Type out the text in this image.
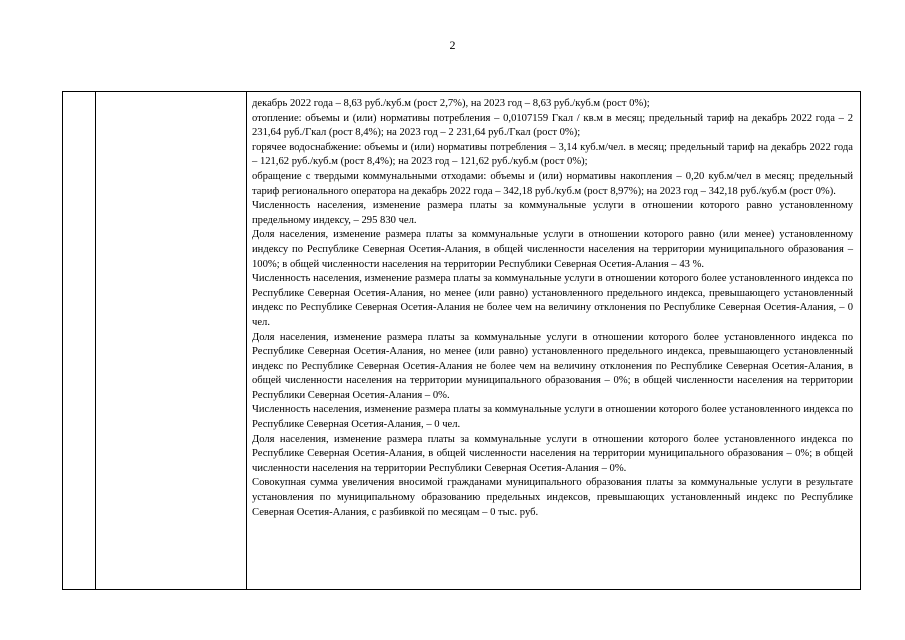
2

декабрь 2022 года – 8,63 руб./куб.м (рост 2,7%), на 2023 год – 8,63 руб./куб.м (рост 0%);

отопление: объемы и (или) нормативы потребления – 0,0107159 Гкал / кв.м в месяц; предельный тариф на декабрь 2022 года – 2 231,64 руб./Гкал (рост 8,4%); на 2023 год – 2 231,64 руб./Гкал (рост 0%);

горячее водоснабжение: объемы и (или) нормативы потребления – 3,14 куб.м/чел. в месяц; предельный тариф на декабрь 2022 года – 121,62 руб./куб.м (рост 8,4%); на 2023 год – 121,62 руб./куб.м (рост 0%);

обращение с твердыми коммунальными отходами: объемы и (или) нормативы накопления – 0,20 куб.м/чел в месяц; предельный тариф регионального оператора на декабрь 2022 года – 342,18 руб./куб.м (рост 8,97%); на 2023 год – 342,18 руб./куб.м (рост 0%).

Численность населения, изменение размера платы за коммунальные услуги в отношении которого равно установленному предельному индексу, – 295 830 чел.

Доля населения, изменение размера платы за коммунальные услуги в отношении которого равно (или менее) установленному индексу по Республике Северная Осетия-Алания, в общей численности населения на территории муниципального образования – 100%; в общей численности населения на территории Республики Северная Осетия-Алания – 43 %.

Численность населения, изменение размера платы за коммунальные услуги в отношении которого более установленного индекса по Республике Северная Осетия-Алания, но менее (или равно) установленного предельного индекса, превышающего установленный индекс по Республике Северная Осетия-Алания не более чем на величину отклонения по Республике Северная Осетия-Алания, – 0 чел.

Доля населения, изменение размера платы за коммунальные услуги в отношении которого более установленного индекса по Республике Северная Осетия-Алания, но менее (или равно) установленного предельного индекса, превышающего установленный индекс по Республике Северная Осетия-Алания не более чем на величину отклонения по Республике Северная Осетия-Алания, в общей численности населения на территории муниципального образования – 0%; в общей численности населения на территории Республики Северная Осетия-Алания – 0%.

Численность населения, изменение размера платы за коммунальные услуги в отношении которого более установленного индекса по Республике Северная Осетия-Алания, – 0 чел.

Доля населения, изменение размера платы за коммунальные услуги в отношении которого более установленного индекса по Республике Северная Осетия-Алания, в общей численности населения на территории муниципального образования – 0%; в общей численности населения на территории Республики Северная Осетия-Алания – 0%.

Совокупная сумма увеличения вносимой гражданами муниципального образования платы за коммунальные услуги в результате установления по муниципальному образованию предельных индексов, превышающих установленный индекс по Республике Северная Осетия-Алания, с разбивкой по месяцам – 0 тыс. руб.
